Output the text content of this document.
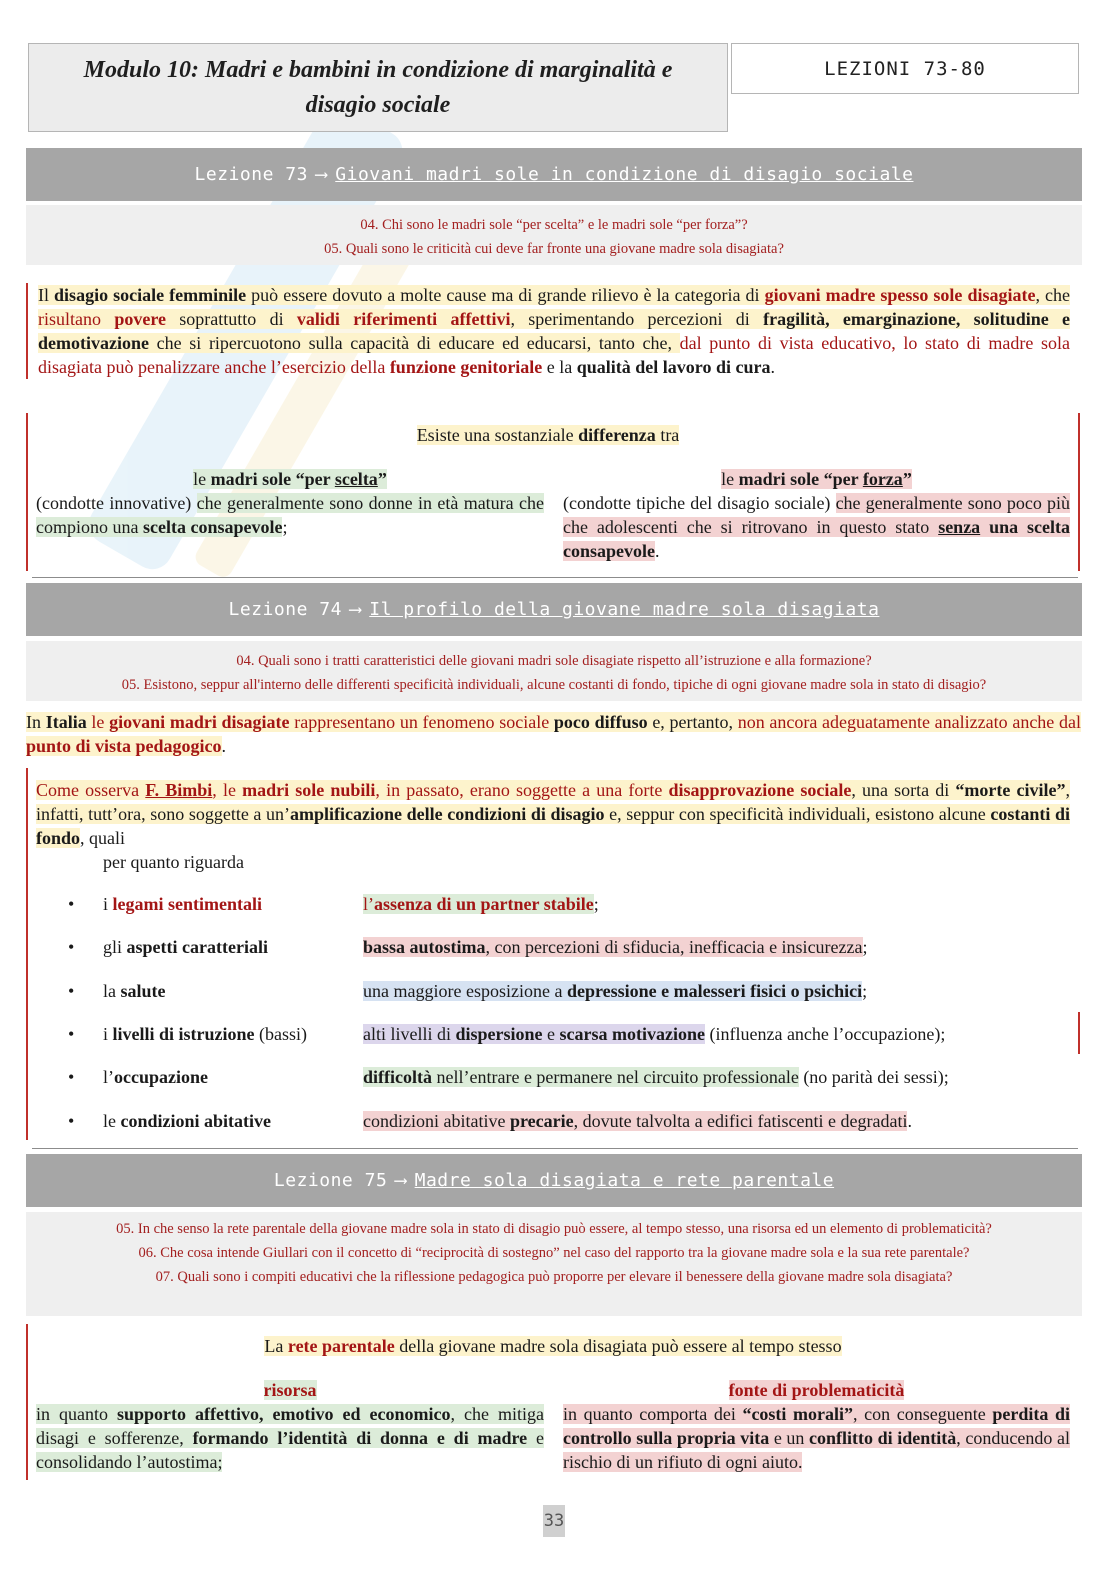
Modulo 10: Madri e bambini in condizione di marginalità e disagio sociale
LEZIONI 73-80
Lezione 73 ⟶ Giovani madri sole in condizione di disagio sociale

04. Chi sono le madri sole “per scelta” e le madri sole “per forza”?

05. Quali sono le criticità cui deve far fronte una giovane madre sola disagiata?

Il disagio sociale femminile può essere dovuto a molte cause ma di grande rilievo è la categoria di giovani madre spesso sole disagiate, che risultano povere soprattutto di validi riferimenti affettivi, sperimentando percezioni di fragilità, emarginazione, solitudine e demotivazione che si ripercuotono sulla capacità di educare ed educarsi, tanto che, dal punto di vista educativo, lo stato di madre sola disagiata può penalizzare anche l’esercizio della funzione genitoriale e la qualità del lavoro di cura.
Esiste una sostanziale differenza tra
le madri sole “per scelta”
(condotte innovative) che generalmente sono donne in età matura che compiono una scelta consapevole;
le madri sole “per forza”
(condotte tipiche del disagio sociale) che generalmente sono poco più che adolescenti che si ritrovano in questo stato senza una scelta consapevole.
Lezione 74 ⟶ Il profilo della giovane madre sola disagiata

04. Quali sono i tratti caratteristici delle giovani madri sole disagiate rispetto all’istruzione e alla formazione?

05. Esistono, seppur all'interno delle differenti specificità individuali, alcune costanti di fondo, tipiche di ogni giovane madre sola in stato di disagio?

In Italia le giovani madri disagiate rappresentano un fenomeno sociale poco diffuso e, pertanto, non ancora adeguatamente analizzato anche dal punto di vista pedagogico.
Come osserva F. Bimbi, le madri sole nubili, in passato, erano soggette a una forte disapprovazione sociale, una sorta di “morte civile”, infatti, tutt’ora, sono soggette a un’amplificazione delle condizioni di disagio e, seppur con specificità individuali, esistono alcune costanti di fondo, quali
per quanto riguarda
•	i legami sentimentali	l’assenza di un partner stabile;
•	gli aspetti caratteriali	bassa autostima, con percezioni di sfiducia, inefficacia e insicurezza;
•	la salute	una maggiore esposizione a depressione e malesseri fisici o psichici;
•	i livelli di istruzione (bassi)	alti livelli di dispersione e scarsa motivazione (influenza anche l’occupazione);
•	l’occupazione	difficoltà nell’entrare e permanere nel circuito professionale (no parità dei sessi);
•	le condizioni abitative	condizioni abitative precarie, dovute talvolta a edifici fatiscenti e degradati.
Lezione 75 ⟶ Madre sola disagiata e rete parentale

05. In che senso la rete parentale della giovane madre sola in stato di disagio può essere, al tempo stesso, una risorsa ed un elemento di problematicità?

06. Che cosa intende Giullari con il concetto di “reciprocità di sostegno” nel caso del rapporto tra la giovane madre sola e la sua rete parentale?

07. Quali sono i compiti educativi che la riflessione pedagogica può proporre per elevare il benessere della giovane madre sola disagiata?

La rete parentale della giovane madre sola disagiata può essere al tempo stesso
risorsa
in quanto supporto affettivo, emotivo ed economico, che mitiga disagi e sofferenze, formando l’identità di donna e di madre e consolidando l’autostima;
fonte di problematicità
in quanto comporta dei “costi morali”, con conseguente perdita di controllo sulla propria vita e un conflitto di identità, conducendo al rischio di un rifiuto di ogni aiuto.
33
